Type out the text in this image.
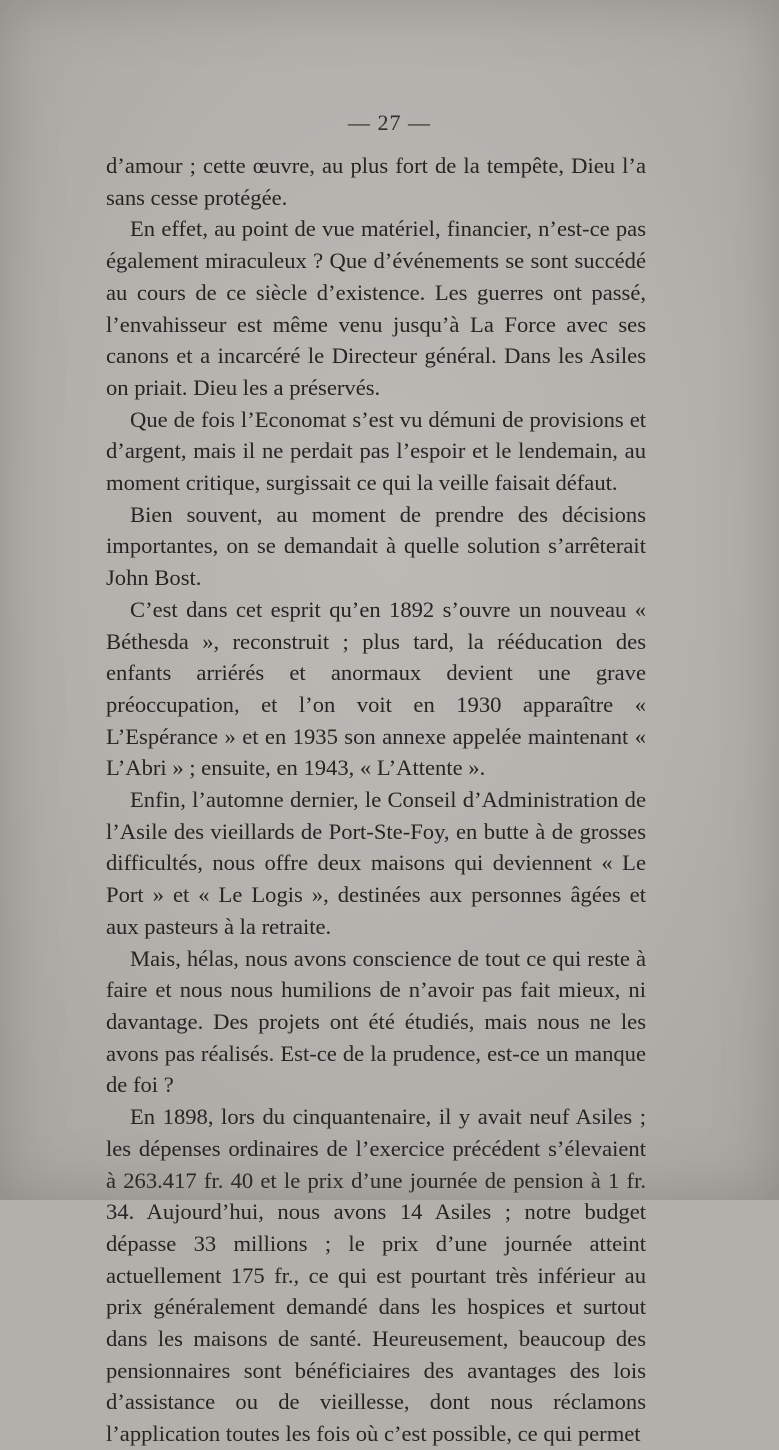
— 27 —

d’amour ; cette œuvre, au plus fort de la tempête, Dieu l’a sans cesse protégée.

En effet, au point de vue matériel, financier, n’est-ce pas également miraculeux ? Que d’événements se sont succédé au cours de ce siècle d’existence. Les guerres ont passé, l’envahisseur est même venu jusqu’à La Force avec ses canons et a incarcéré le Directeur général. Dans les Asiles on priait. Dieu les a préservés.

Que de fois l’Economat s’est vu démuni de provisions et d’argent, mais il ne perdait pas l’espoir et le lendemain, au moment critique, surgissait ce qui la veille faisait défaut.

Bien souvent, au moment de prendre des décisions importantes, on se demandait à quelle solution s’arrêterait John Bost.

C’est dans cet esprit qu’en 1892 s’ouvre un nouveau « Béthesda », reconstruit ; plus tard, la rééducation des enfants arriérés et anormaux devient une grave préoccupation, et l’on voit en 1930 apparaître « L’Espérance » et en 1935 son annexe appelée maintenant « L’Abri » ; ensuite, en 1943, « L’Attente ».

Enfin, l’automne dernier, le Conseil d’Administration de l’Asile des vieillards de Port-Ste-Foy, en butte à de grosses difficultés, nous offre deux maisons qui deviennent « Le Port » et « Le Logis », destinées aux personnes âgées et aux pasteurs à la retraite.

Mais, hélas, nous avons conscience de tout ce qui reste à faire et nous nous humilions de n’avoir pas fait mieux, ni davantage. Des projets ont été étudiés, mais nous ne les avons pas réalisés. Est-ce de la prudence, est-ce un manque de foi ?

En 1898, lors du cinquantenaire, il y avait neuf Asiles ; les dépenses ordinaires de l’exercice précédent s’élevaient à 263.417 fr. 40 et le prix d’une journée de pension à 1 fr. 34. Aujourd’hui, nous avons 14 Asiles ; notre budget dépasse 33 millions ; le prix d’une journée atteint actuellement 175 fr., ce qui est pourtant très inférieur au prix généralement demandé dans les hospices et surtout dans les maisons de santé. Heureusement, beaucoup des pensionnaires sont bénéficiaires des avantages des lois d’assistance ou de vieillesse, dont nous réclamons l’application toutes les fois où c’est possible, ce qui permet
